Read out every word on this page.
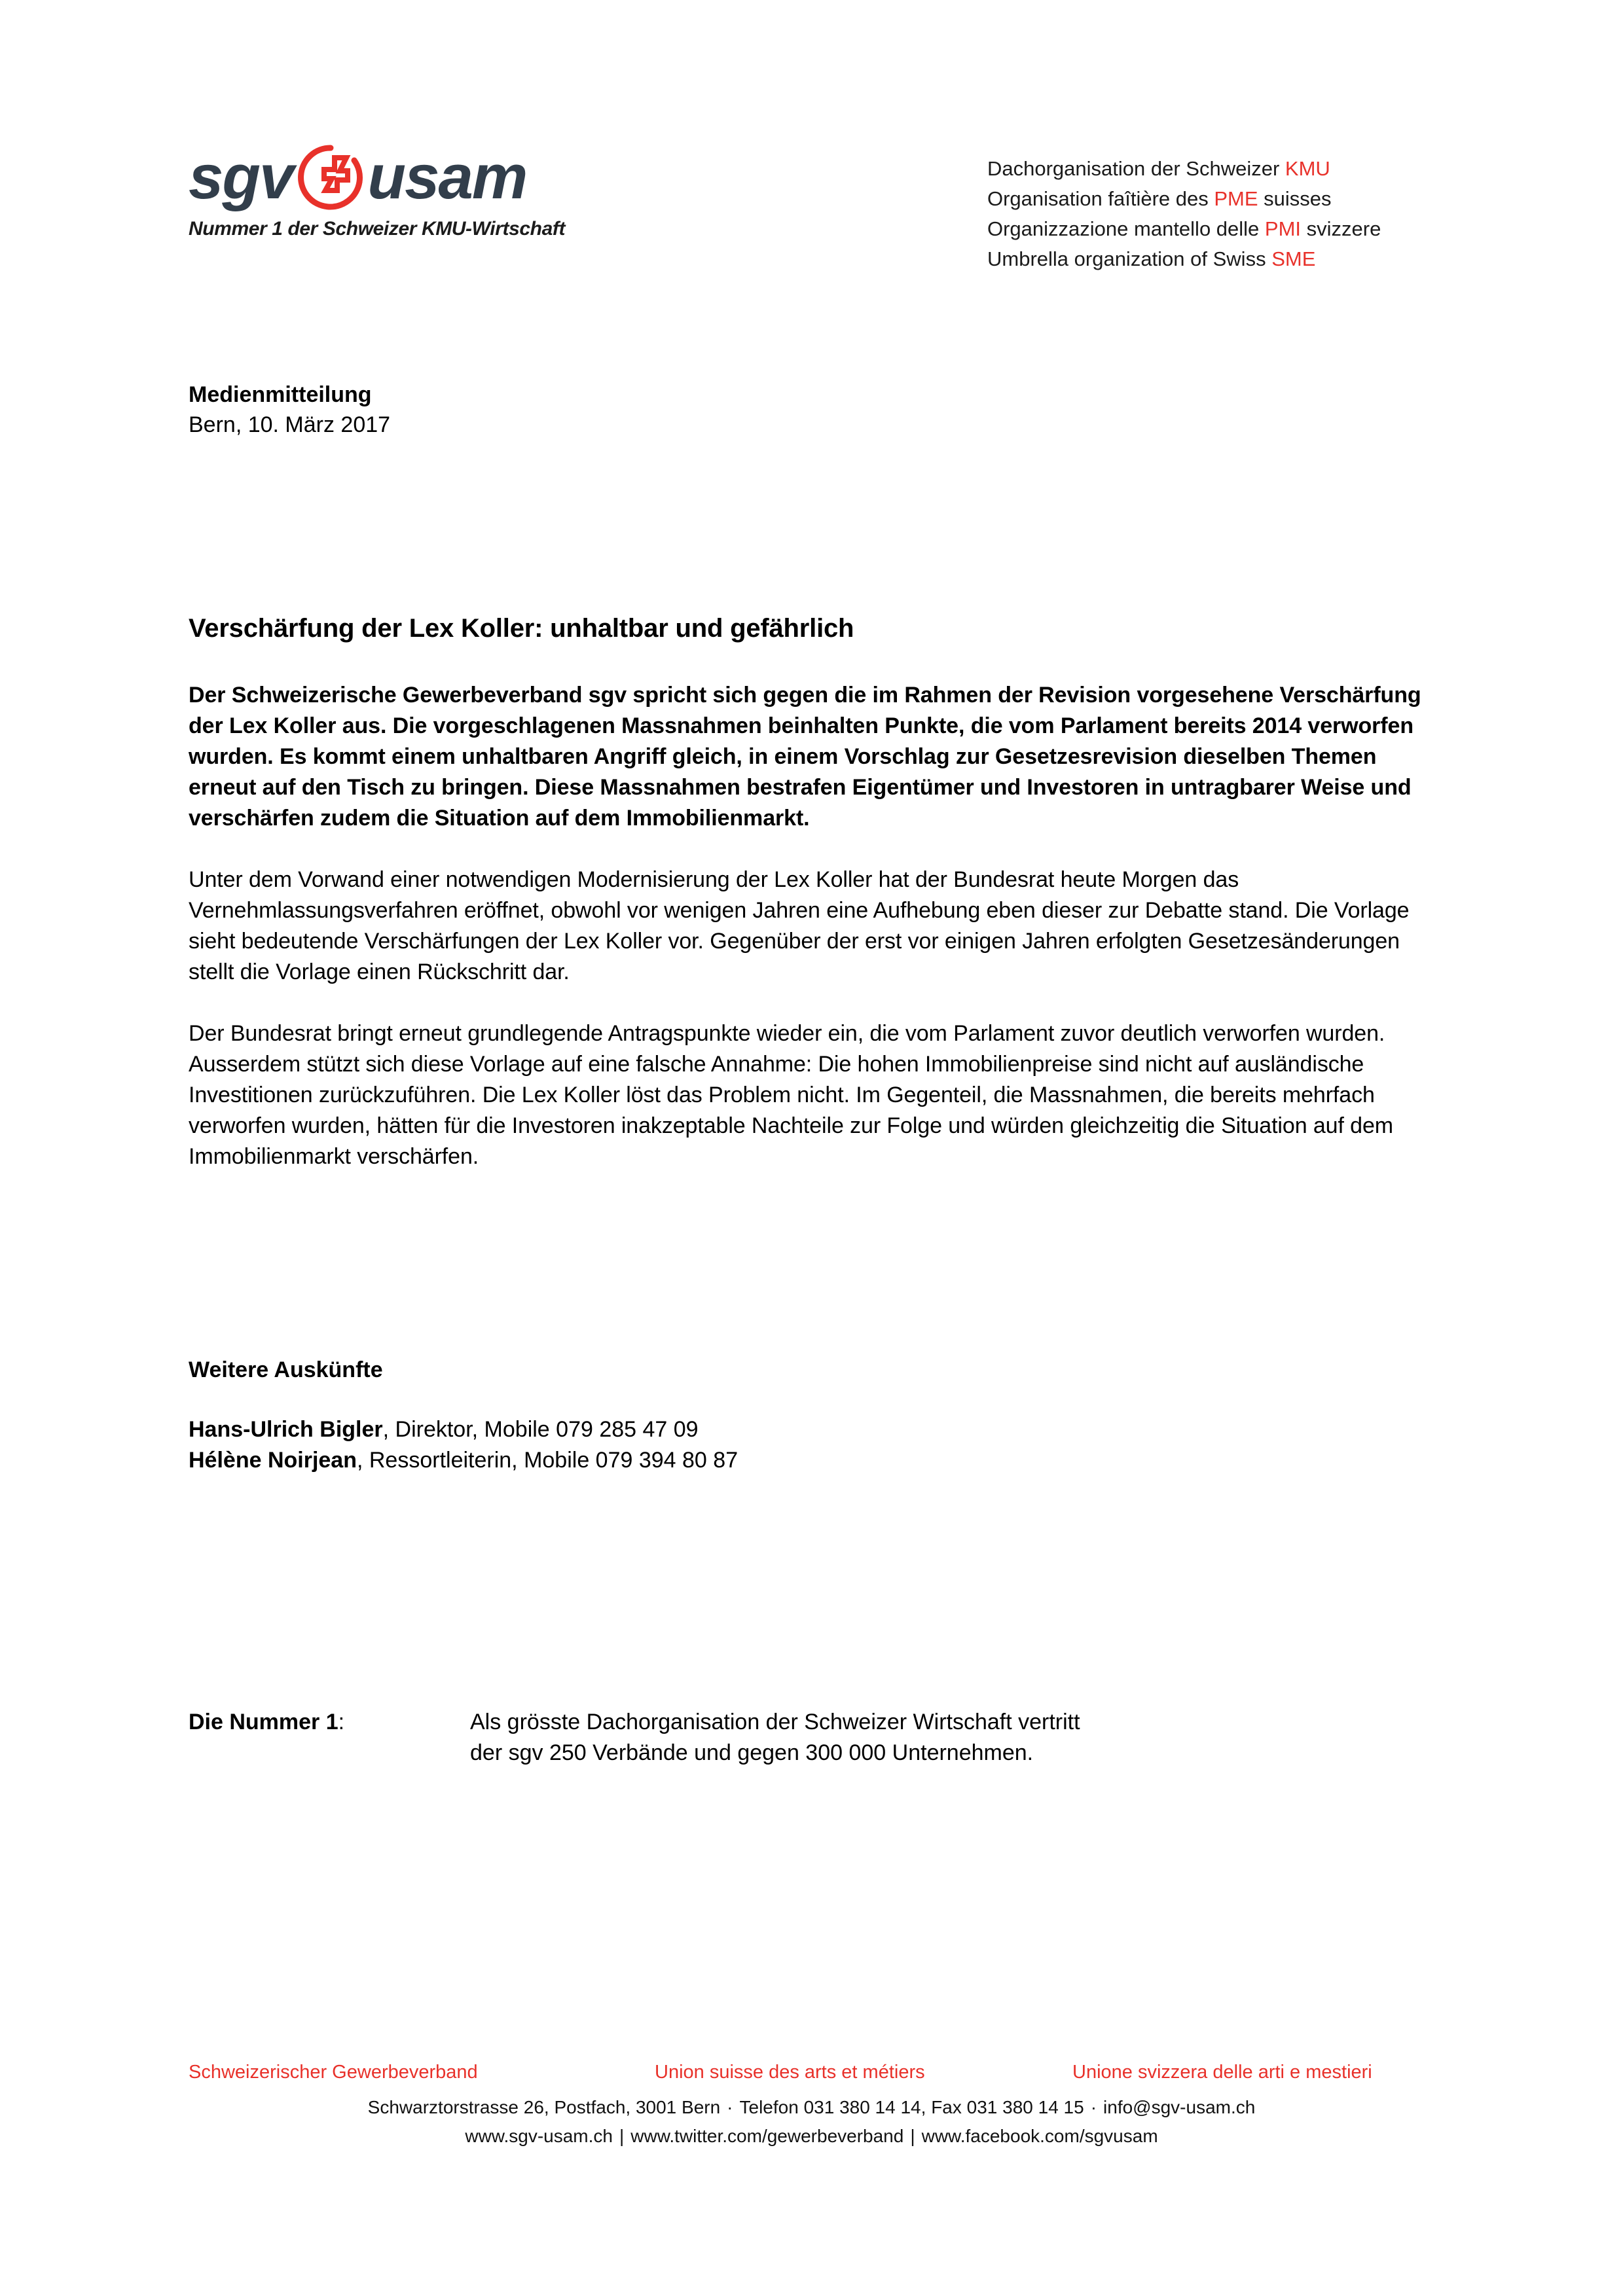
sgv usam
Nummer 1 der Schweizer KMU-Wirtschaft
Dachorganisation der Schweizer KMU
Organisation faîtière des PME suisses
Organizzazione mantello delle PMI svizzere
Umbrella organization of Swiss SME
Medienmitteilung
Bern, 10. März 2017
Verschärfung der Lex Koller: unhaltbar und gefährlich

Der Schweizerische Gewerbeverband sgv spricht sich gegen die im Rahmen der Revision vorgesehene Verschärfung der Lex Koller aus. Die vorgeschlagenen Massnahmen beinhalten Punkte, die vom Parlament bereits 2014 verworfen wurden. Es kommt einem unhaltbaren Angriff gleich, in einem Vorschlag zur Gesetzesrevision dieselben Themen erneut auf den Tisch zu bringen. Diese Massnahmen bestrafen Eigentümer und Investoren in untragbarer Weise und verschärfen zudem die Situation auf dem Immobilienmarkt.

Unter dem Vorwand einer notwendigen Modernisierung der Lex Koller hat der Bundesrat heute Morgen das Vernehmlassungsverfahren eröffnet, obwohl vor wenigen Jahren eine Aufhebung eben dieser zur Debatte stand. Die Vorlage sieht bedeutende Verschärfungen der Lex Koller vor. Gegenüber der erst vor einigen Jahren erfolgten Gesetzesänderungen stellt die Vorlage einen Rückschritt dar.

Der Bundesrat bringt erneut grundlegende Antragspunkte wieder ein, die vom Parlament zuvor deutlich verworfen wurden. Ausserdem stützt sich diese Vorlage auf eine falsche Annahme: Die hohen Immobilienpreise sind nicht auf ausländische Investitionen zurückzuführen. Die Lex Koller löst das Problem nicht. Im Gegenteil, die Massnahmen, die bereits mehrfach verworfen wurden, hätten für die Investoren inakzeptable Nachteile zur Folge und würden gleichzeitig die Situation auf dem Immobilienmarkt verschärfen.

Weitere Auskünfte
Hans-Ulrich Bigler, Direktor, Mobile 079 285 47 09
Hélène Noirjean, Ressortleiterin, Mobile 079 394 80 87
Die Nummer 1:	Als grösste Dachorganisation der Schweizer Wirtschaft vertritt
der sgv 250 Verbände und gegen 300 000 Unternehmen.
Schweizerischer Gewerbeverband	Union suisse des arts et métiers	Unione svizzera delle arti e mestieri
Schwarztorstrasse 26, Postfach, 3001 Bern · Telefon 031 380 14 14, Fax 031 380 14 15 · info@sgv-usam.ch
www.sgv-usam.ch | www.twitter.com/gewerbeverband | www.facebook.com/sgvusam
